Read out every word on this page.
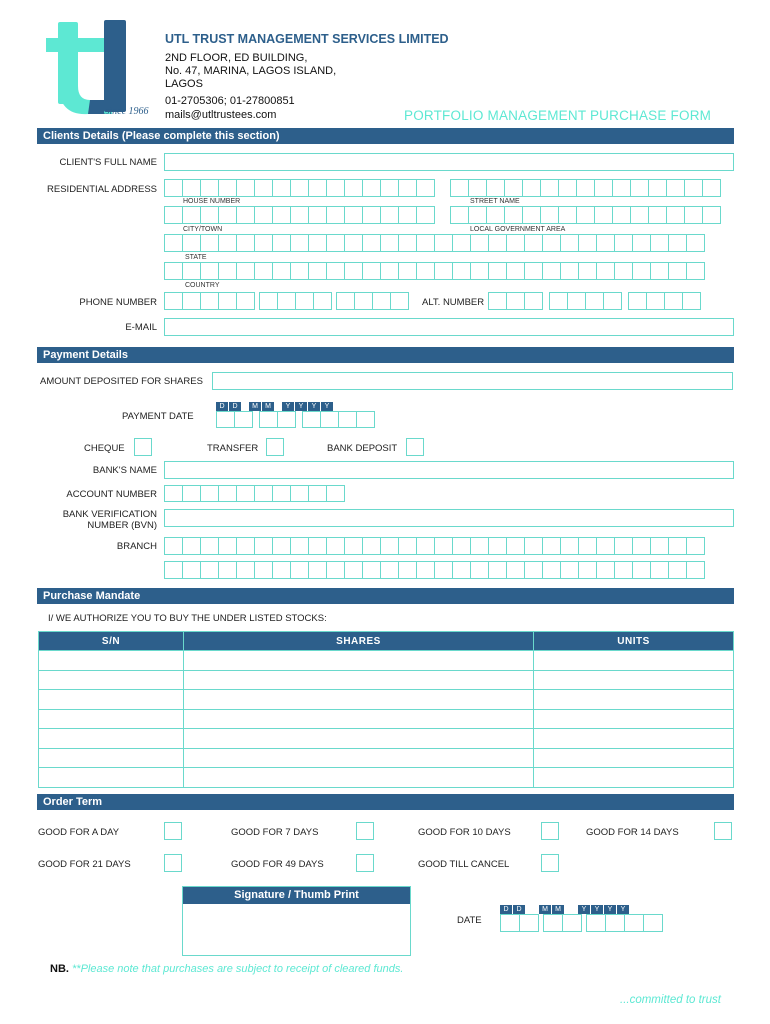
...since 1966
UTL TRUST MANAGEMENT SERVICES LIMITED
2ND FLOOR, ED BUILDING,
No. 47, MARINA, LAGOS ISLAND,
LAGOS
01-2705306; 01-27800851
mails@utltrustees.com	PORTFOLIO MANAGEMENT PURCHASE FORM
Clients Details (Please complete this section)
CLIENT'S FULL NAME
RESIDENTIAL ADDRESS
HOUSE NUMBER	STREET NAME
CITY/TOWN	LOCAL GOVERNMENT AREA
STATE
COUNTRY
PHONE NUMBER	ALT. NUMBER
E-MAIL
Payment Details
AMOUNT DEPOSITED FOR SHARES
PAYMENT DATE
D	D	M	M	Y	Y	Y	Y
CHEQUE	TRANSFER	BANK DEPOSIT
BANK'S NAME
ACCOUNT NUMBER
BANK VERIFICATION
NUMBER (BVN)
BRANCH
Purchase Mandate
I/ WE AUTHORIZE YOU TO BUY THE UNDER LISTED STOCKS:
S/N	SHARES	UNITS

Order Term
GOOD FOR A DAY	GOOD FOR 7 DAYS	GOOD FOR 10 DAYS	GOOD FOR 14 DAYS
GOOD FOR 21 DAYS	GOOD FOR 49 DAYS	GOOD TILL CANCEL
Signature / Thumb Print
DATE
D	D	M	M	Y	Y	Y	Y
NB. **Please note that purchases are subject to receipt of cleared funds.
...committed to trust
